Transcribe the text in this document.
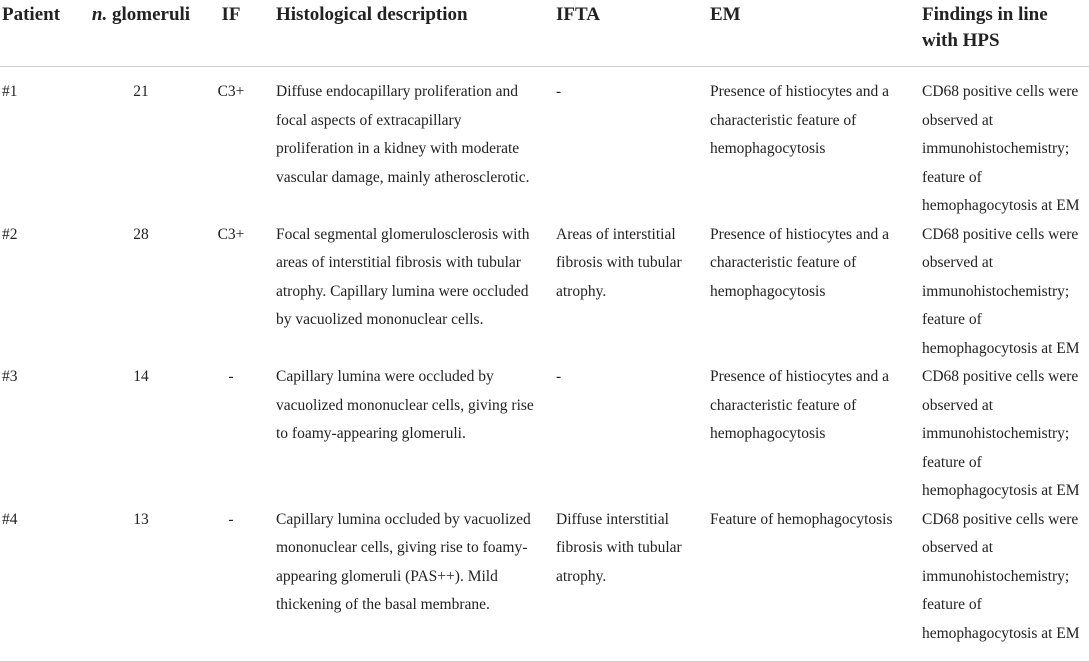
Patient	n. glomeruli	IF	Histological description	IFTA	EM	Findings in line
with HPS
#1	21	C3+	Diffuse endocapillary proliferation and focal aspects of extracapillary proliferation in a kidney with moderate vascular damage, mainly atherosclerotic.	-	Presence of histiocytes and a characteristic feature of hemophagocytosis	CD68 positive cells were observed at immunohistochemistry; feature of hemophagocytosis at EM
#2	28	C3+	Focal segmental glomerulosclerosis with areas of interstitial fibrosis with tubular atrophy. Capillary lumina were occluded by vacuolized mononuclear cells.	Areas of interstitial fibrosis with tubular atrophy.	Presence of histiocytes and a characteristic feature of hemophagocytosis	CD68 positive cells were observed at immunohistochemistry; feature of hemophagocytosis at EM
#3	14	-	Capillary lumina were occluded by vacuolized mononuclear cells, giving rise to foamy-appearing glomeruli.	-	Presence of histiocytes and a characteristic feature of hemophagocytosis	CD68 positive cells were observed at immunohistochemistry; feature of hemophagocytosis at EM
#4	13	-	Capillary lumina occluded by vacuolized mononuclear cells, giving rise to foamy-appearing glomeruli (PAS++). Mild thickening of the basal membrane.	Diffuse interstitial fibrosis with tubular atrophy.	Feature of hemophagocytosis	CD68 positive cells were observed at immunohistochemistry; feature of hemophagocytosis at EM
